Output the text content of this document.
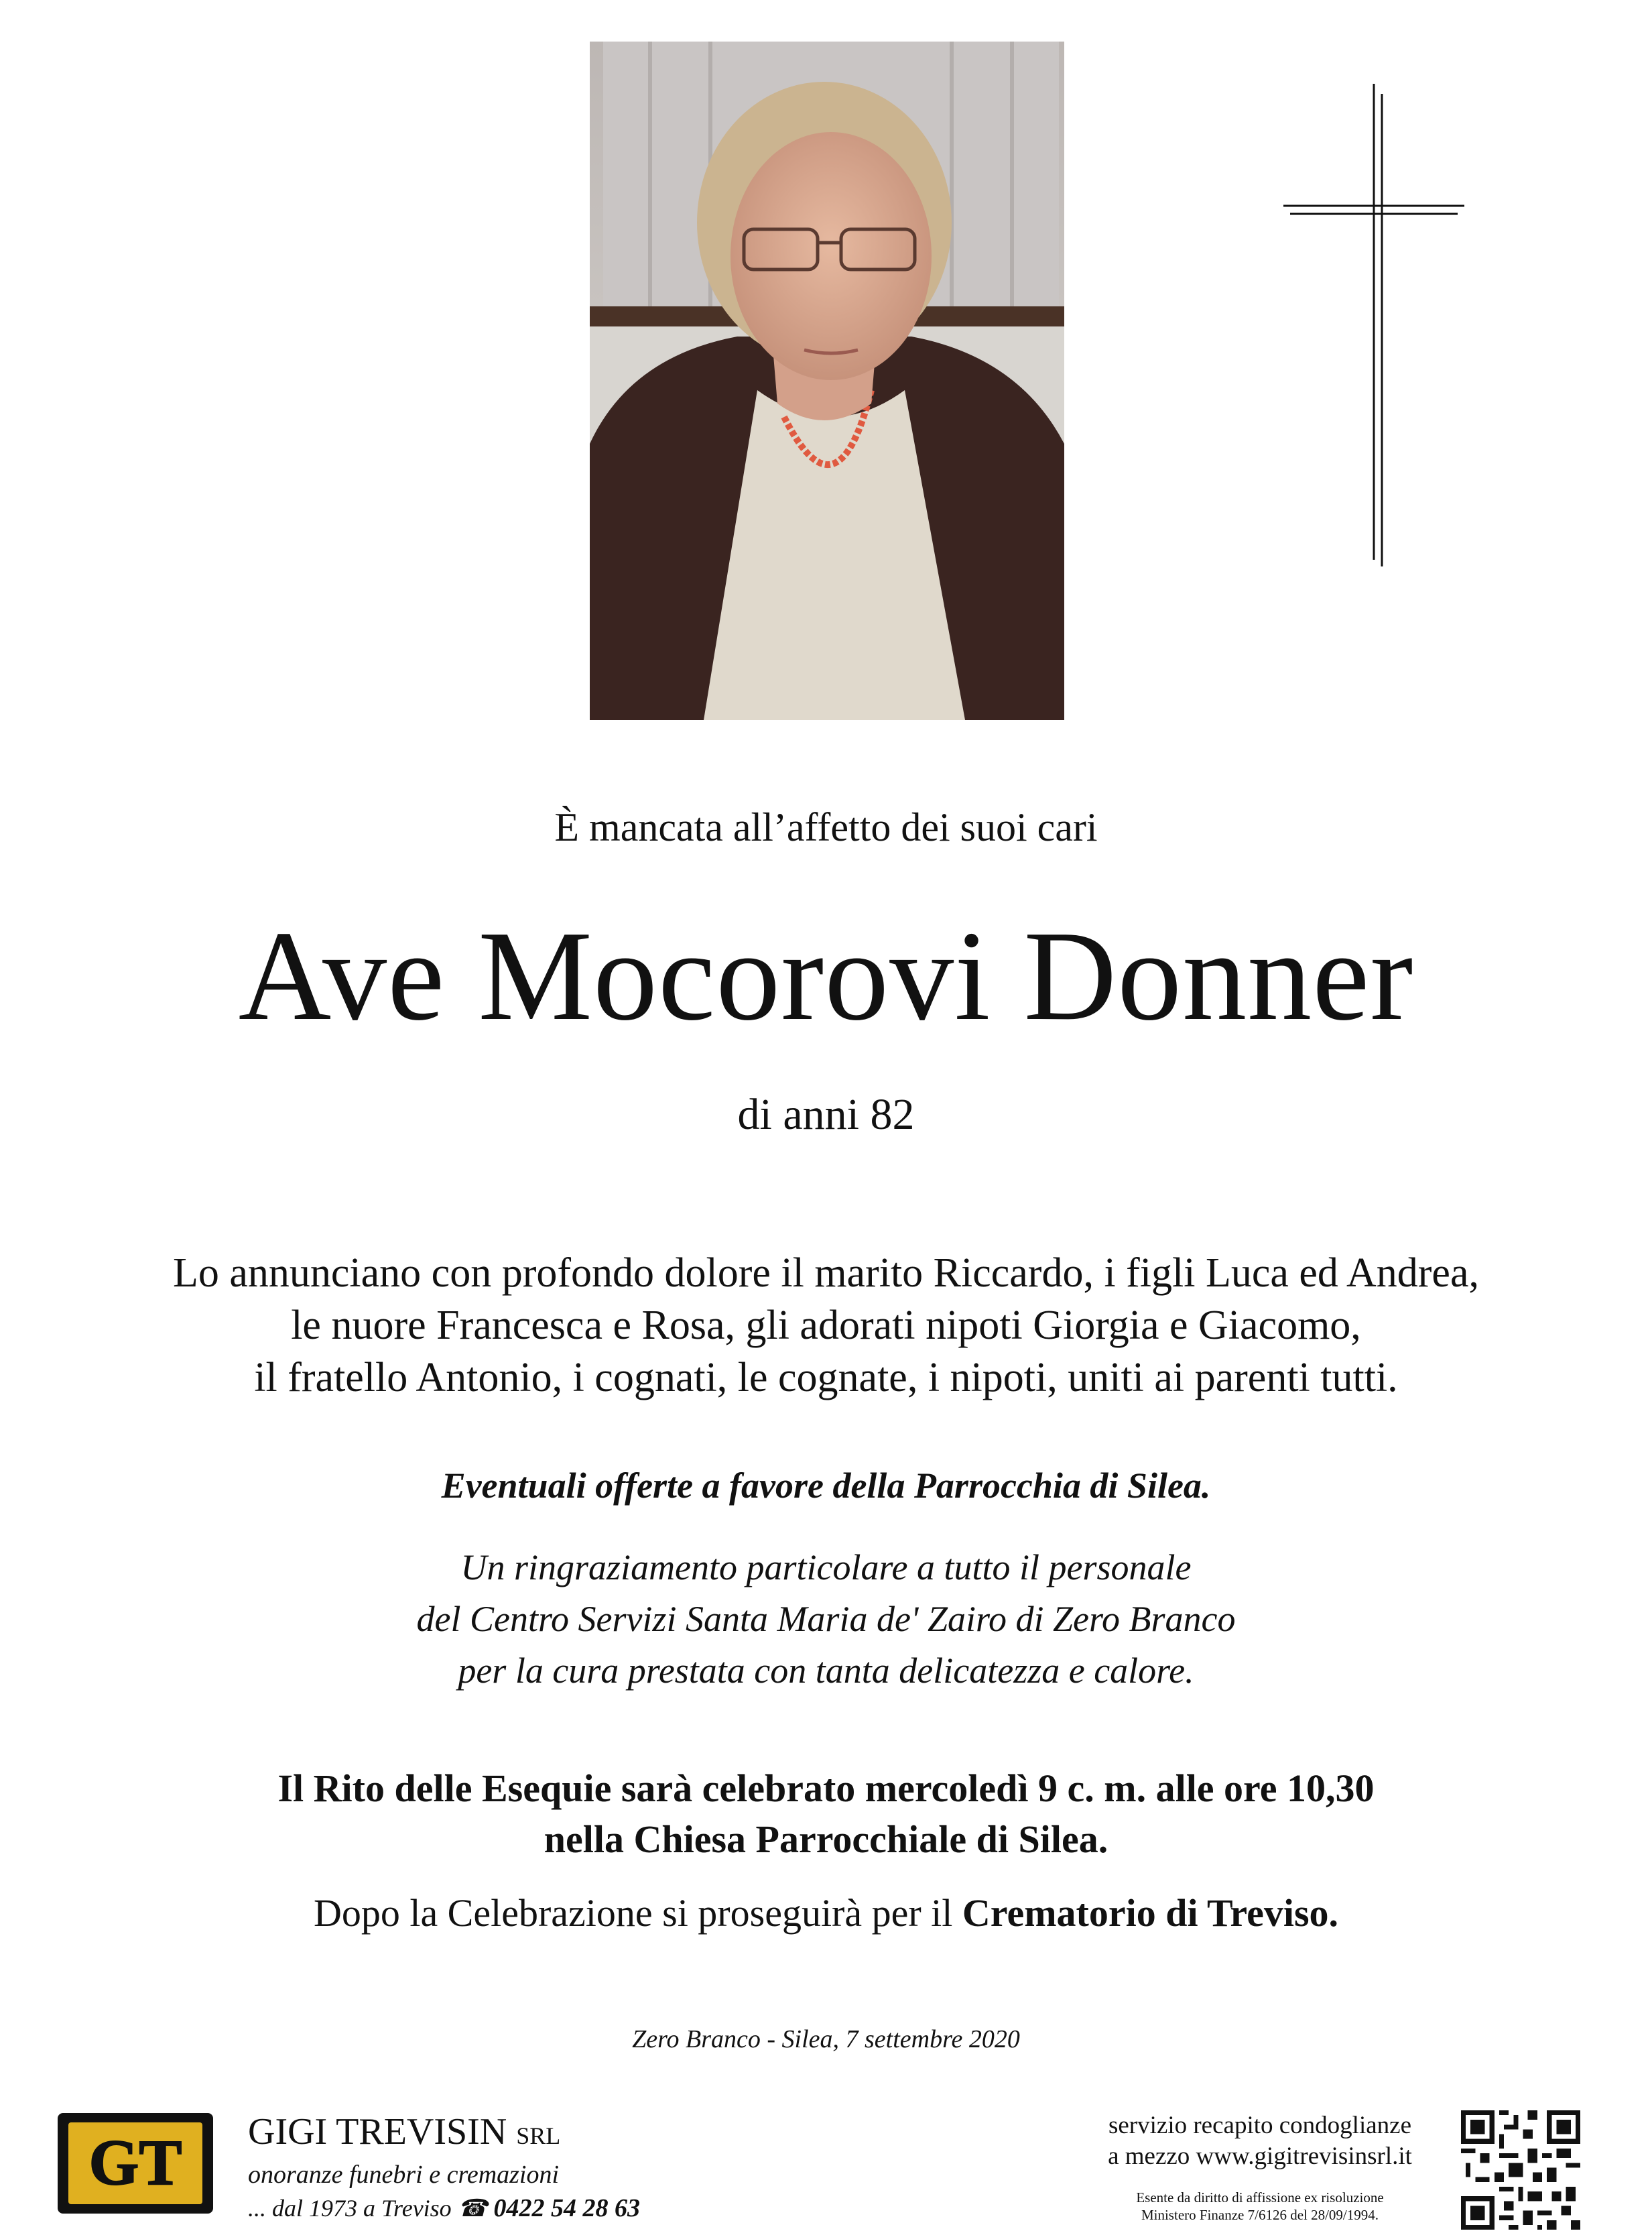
È mancata all’affetto dei suoi cari
Ave Mocorovi Donner
di anni 82
Lo annunciano con profondo dolore il marito Riccardo, i figli Luca ed Andrea,
le nuore Francesca e Rosa, gli adorati nipoti Giorgia e Giacomo,
il fratello Antonio, i cognati, le cognate, i nipoti, uniti ai parenti tutti.
Eventuali offerte a favore della Parrocchia di Silea.
Un ringraziamento particolare a tutto il personale
del Centro Servizi Santa Maria de' Zairo di Zero Branco
per la cura prestata con tanta delicatezza e calore.
Il Rito delle Esequie sarà celebrato mercoledì 9 c. m. alle ore 10,30
nella Chiesa Parrocchiale di Silea.
Dopo la Celebrazione si proseguirà per il Crematorio di Treviso.
Zero Branco - Silea, 7 settembre 2020
GT GIGI TREVISIN SRL
onoranze funebri e cremazioni
... dal 1973 a Treviso ☎ 0422 54 28 63
servizio recapito condoglianze
a mezzo www.gigitrevisinsrl.it
Esente da diritto di affissione ex risoluzione
Ministero Finanze 7/6126 del 28/09/1994.
